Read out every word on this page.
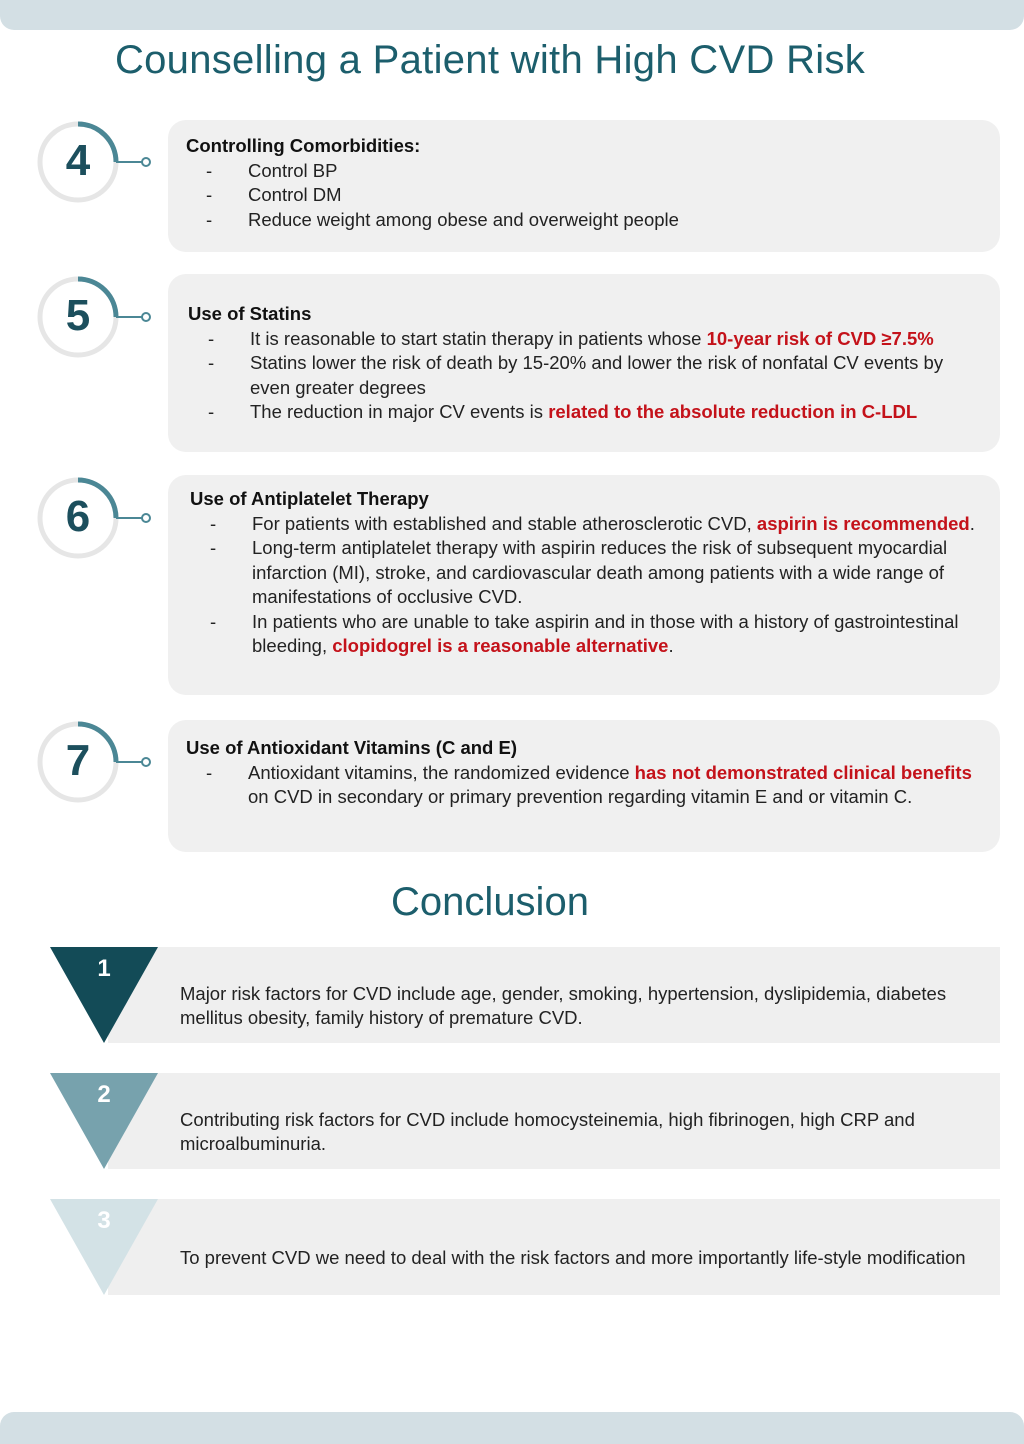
Counselling a Patient with High CVD Risk
4	Controlling Comorbidities:
- Control BP
- Control DM
- Reduce weight among obese and overweight people
5	Use of Statins
- It is reasonable to start statin therapy in patients whose 10-year risk of CVD ≥7.5%
- Statins lower the risk of death by 15-20% and lower the risk of nonfatal CV events by even greater degrees
- The reduction in major CV events is related to the absolute reduction in C-LDL
6	Use of Antiplatelet Therapy
- For patients with established and stable atherosclerotic CVD, aspirin is recommended.
- Long-term antiplatelet therapy with aspirin reduces the risk of subsequent myocardial infarction (MI), stroke, and cardiovascular death among patients with a wide range of manifestations of occlusive CVD.
- In patients who are unable to take aspirin and in those with a history of gastrointestinal bleeding, clopidogrel is a reasonable alternative.
7	Use of Antioxidant Vitamins (C and E)
- Antioxidant vitamins, the randomized evidence has not demonstrated clinical benefits on CVD in secondary or primary prevention regarding vitamin E and or vitamin C.
Conclusion
Major risk factors for CVD include age, gender, smoking, hypertension, dyslipidemia, diabetes mellitus obesity, family history of premature CVD.
1
Contributing risk factors for CVD include homocysteinemia, high fibrinogen, high CRP and microalbuminuria.
2
To prevent CVD we need to deal with the risk factors and more importantly life-style modification
3
